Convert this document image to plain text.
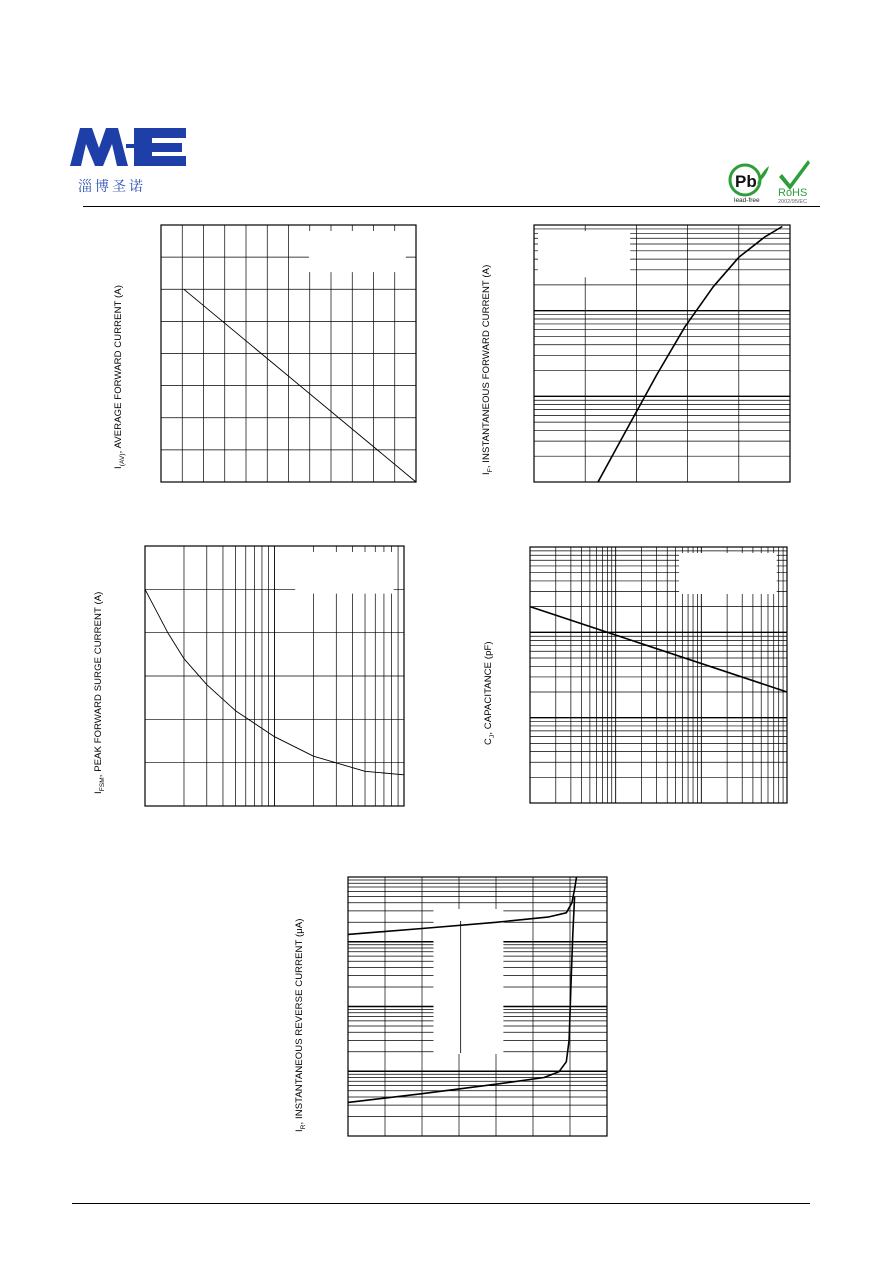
淄博圣诺	Pb
lead-free
RoHS
2002/95/EC
$I_{(AV)}$, AVERAGE FORWARD CURRENT (A)
$I_F$, INSTANTANEOUS FORWARD CURRENT (A)
$I_{FSM}$, PEAK FORWARD SURGE CURRENT (A)	$C_J$, CAPACITANCE (pF)
$I_R$, INSTANTANEOUS REVERSE CURRENT (μA)
